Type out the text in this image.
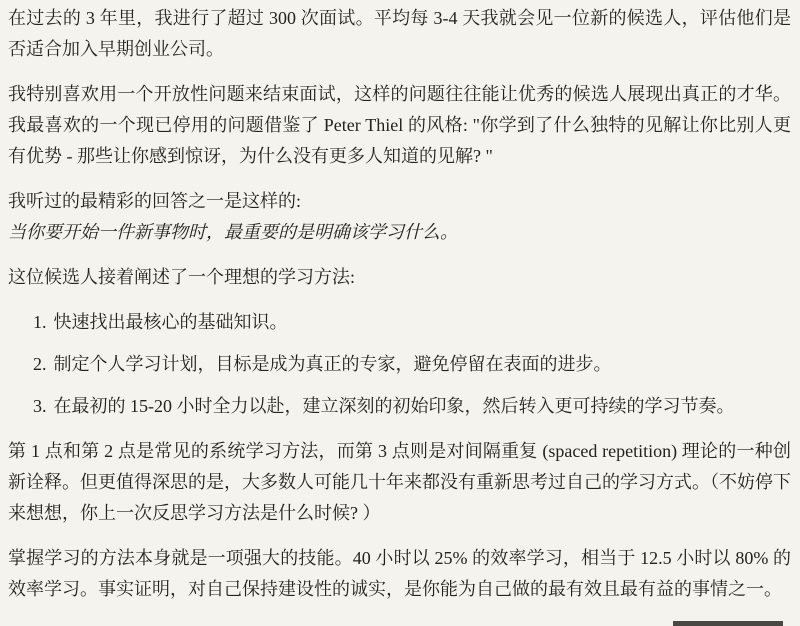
在过去的 3 年里，我进行了超过 300 次面试。平均每 3-4 天我就会见一位新的候选人，评估他们是否适合加入早期创业公司。

我特别喜欢用一个开放性问题来结束面试，这样的问题往往能让优秀的候选人展现出真正的才华。我最喜欢的一个现已停用的问题借鉴了 Peter Thiel 的风格: "你学到了什么独特的见解让你比别人更有优势 - 那些让你感到惊讶，为什么没有更多人知道的见解? "

我听过的最精彩的回答之一是这样的:
当你要开始一件新事物时，最重要的是明确该学习什么。

这位候选人接着阐述了一个理想的学习方法:

1. 快速找出最核心的基础知识。
2. 制定个人学习计划，目标是成为真正的专家，避免停留在表面的进步。
3. 在最初的 15-20 小时全力以赴，建立深刻的初始印象，然后转入更可持续的学习节奏。

第 1 点和第 2 点是常见的系统学习方法，而第 3 点则是对间隔重复 (spaced repetition) 理论的一种创新诠释。但更值得深思的是，大多数人可能几十年来都没有重新思考过自己的学习方式。（不妨停下来想想，你上一次反思学习方法是什么时候? ）

掌握学习的方法本身就是一项强大的技能。40 小时以 25% 的效率学习，相当于 12.5 小时以 80% 的效率学习。事实证明，对自己保持建设性的诚实，是你能为自己做的最有效且最有益的事情之一。
